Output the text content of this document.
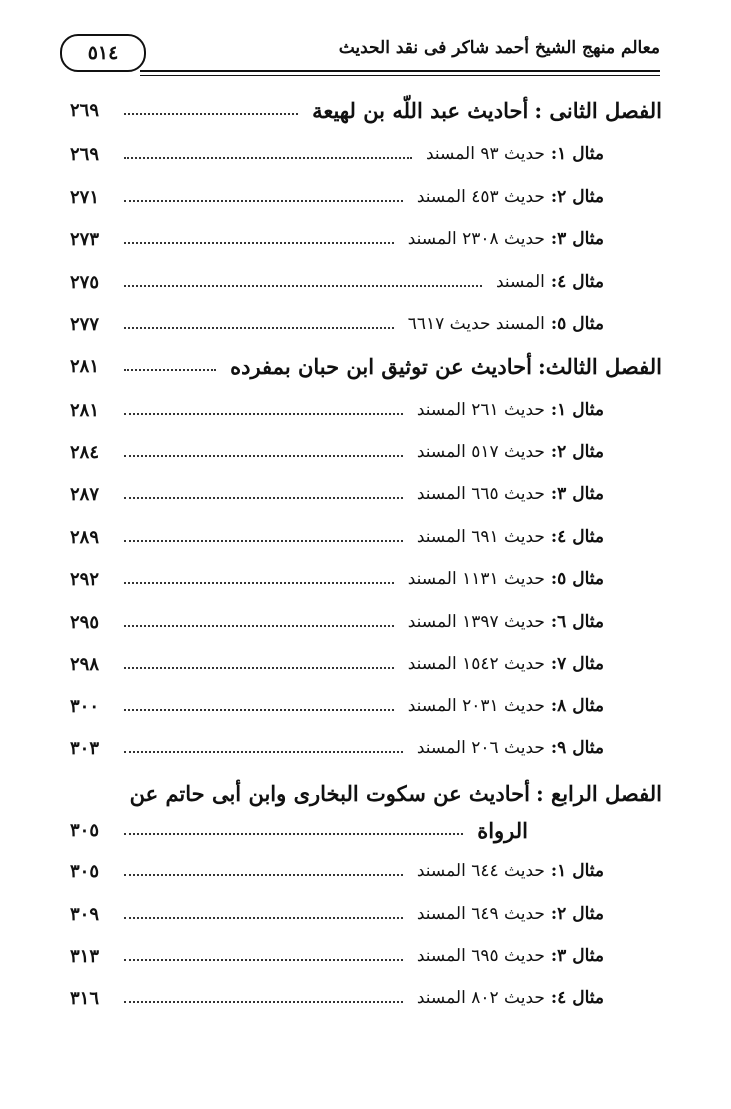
معالم منهج الشيخ أحمد شاكر فى نقد الحديث
٥١٤
الفصل الثانى :
أحاديث عبد اللّه بن لهيعة
٢٦٩
مثال ١:
حديث ٩٣ المسند
٢٦٩
مثال ٢:
حديث ٤٥٣ المسند
٢٧١
مثال ٣:
حديث ٢٣٠٨ المسند
٢٧٣
مثال ٤:
المسند
٢٧٥
مثال ٥:
المسند حديث ٦٦١٧
٢٧٧
الفصل الثالث:
أحاديث عن توثيق ابن حبان بمفرده
٢٨١
مثال ١:
حديث ٢٦١ المسند
٢٨١
مثال ٢:
حديث ٥١٧ المسند
٢٨٤
مثال ٣:
حديث ٦٦٥ المسند
٢٨٧
مثال ٤:
حديث ٦٩١ المسند
٢٨٩
مثال ٥:
حديث ١١٣١ المسند
٢٩٢
مثال ٦:
حديث ١٣٩٧ المسند
٢٩٥
مثال ٧:
حديث ١٥٤٢ المسند
٢٩٨
مثال ٨:
حديث ٢٠٣١ المسند
٣٠٠
مثال ٩:
حديث ٢٠٦ المسند
٣٠٣
الفصل الرابع :
أحاديث عن سكوت البخارى وابن أبى حاتم عن
الرواة
٣٠٥
مثال ١:
حديث ٦٤٤ المسند
٣٠٥
مثال ٢:
حديث ٦٤٩ المسند
٣٠٩
مثال ٣:
حديث ٦٩٥ المسند
٣١٣
مثال ٤:
حديث ٨٠٢ المسند
٣١٦
